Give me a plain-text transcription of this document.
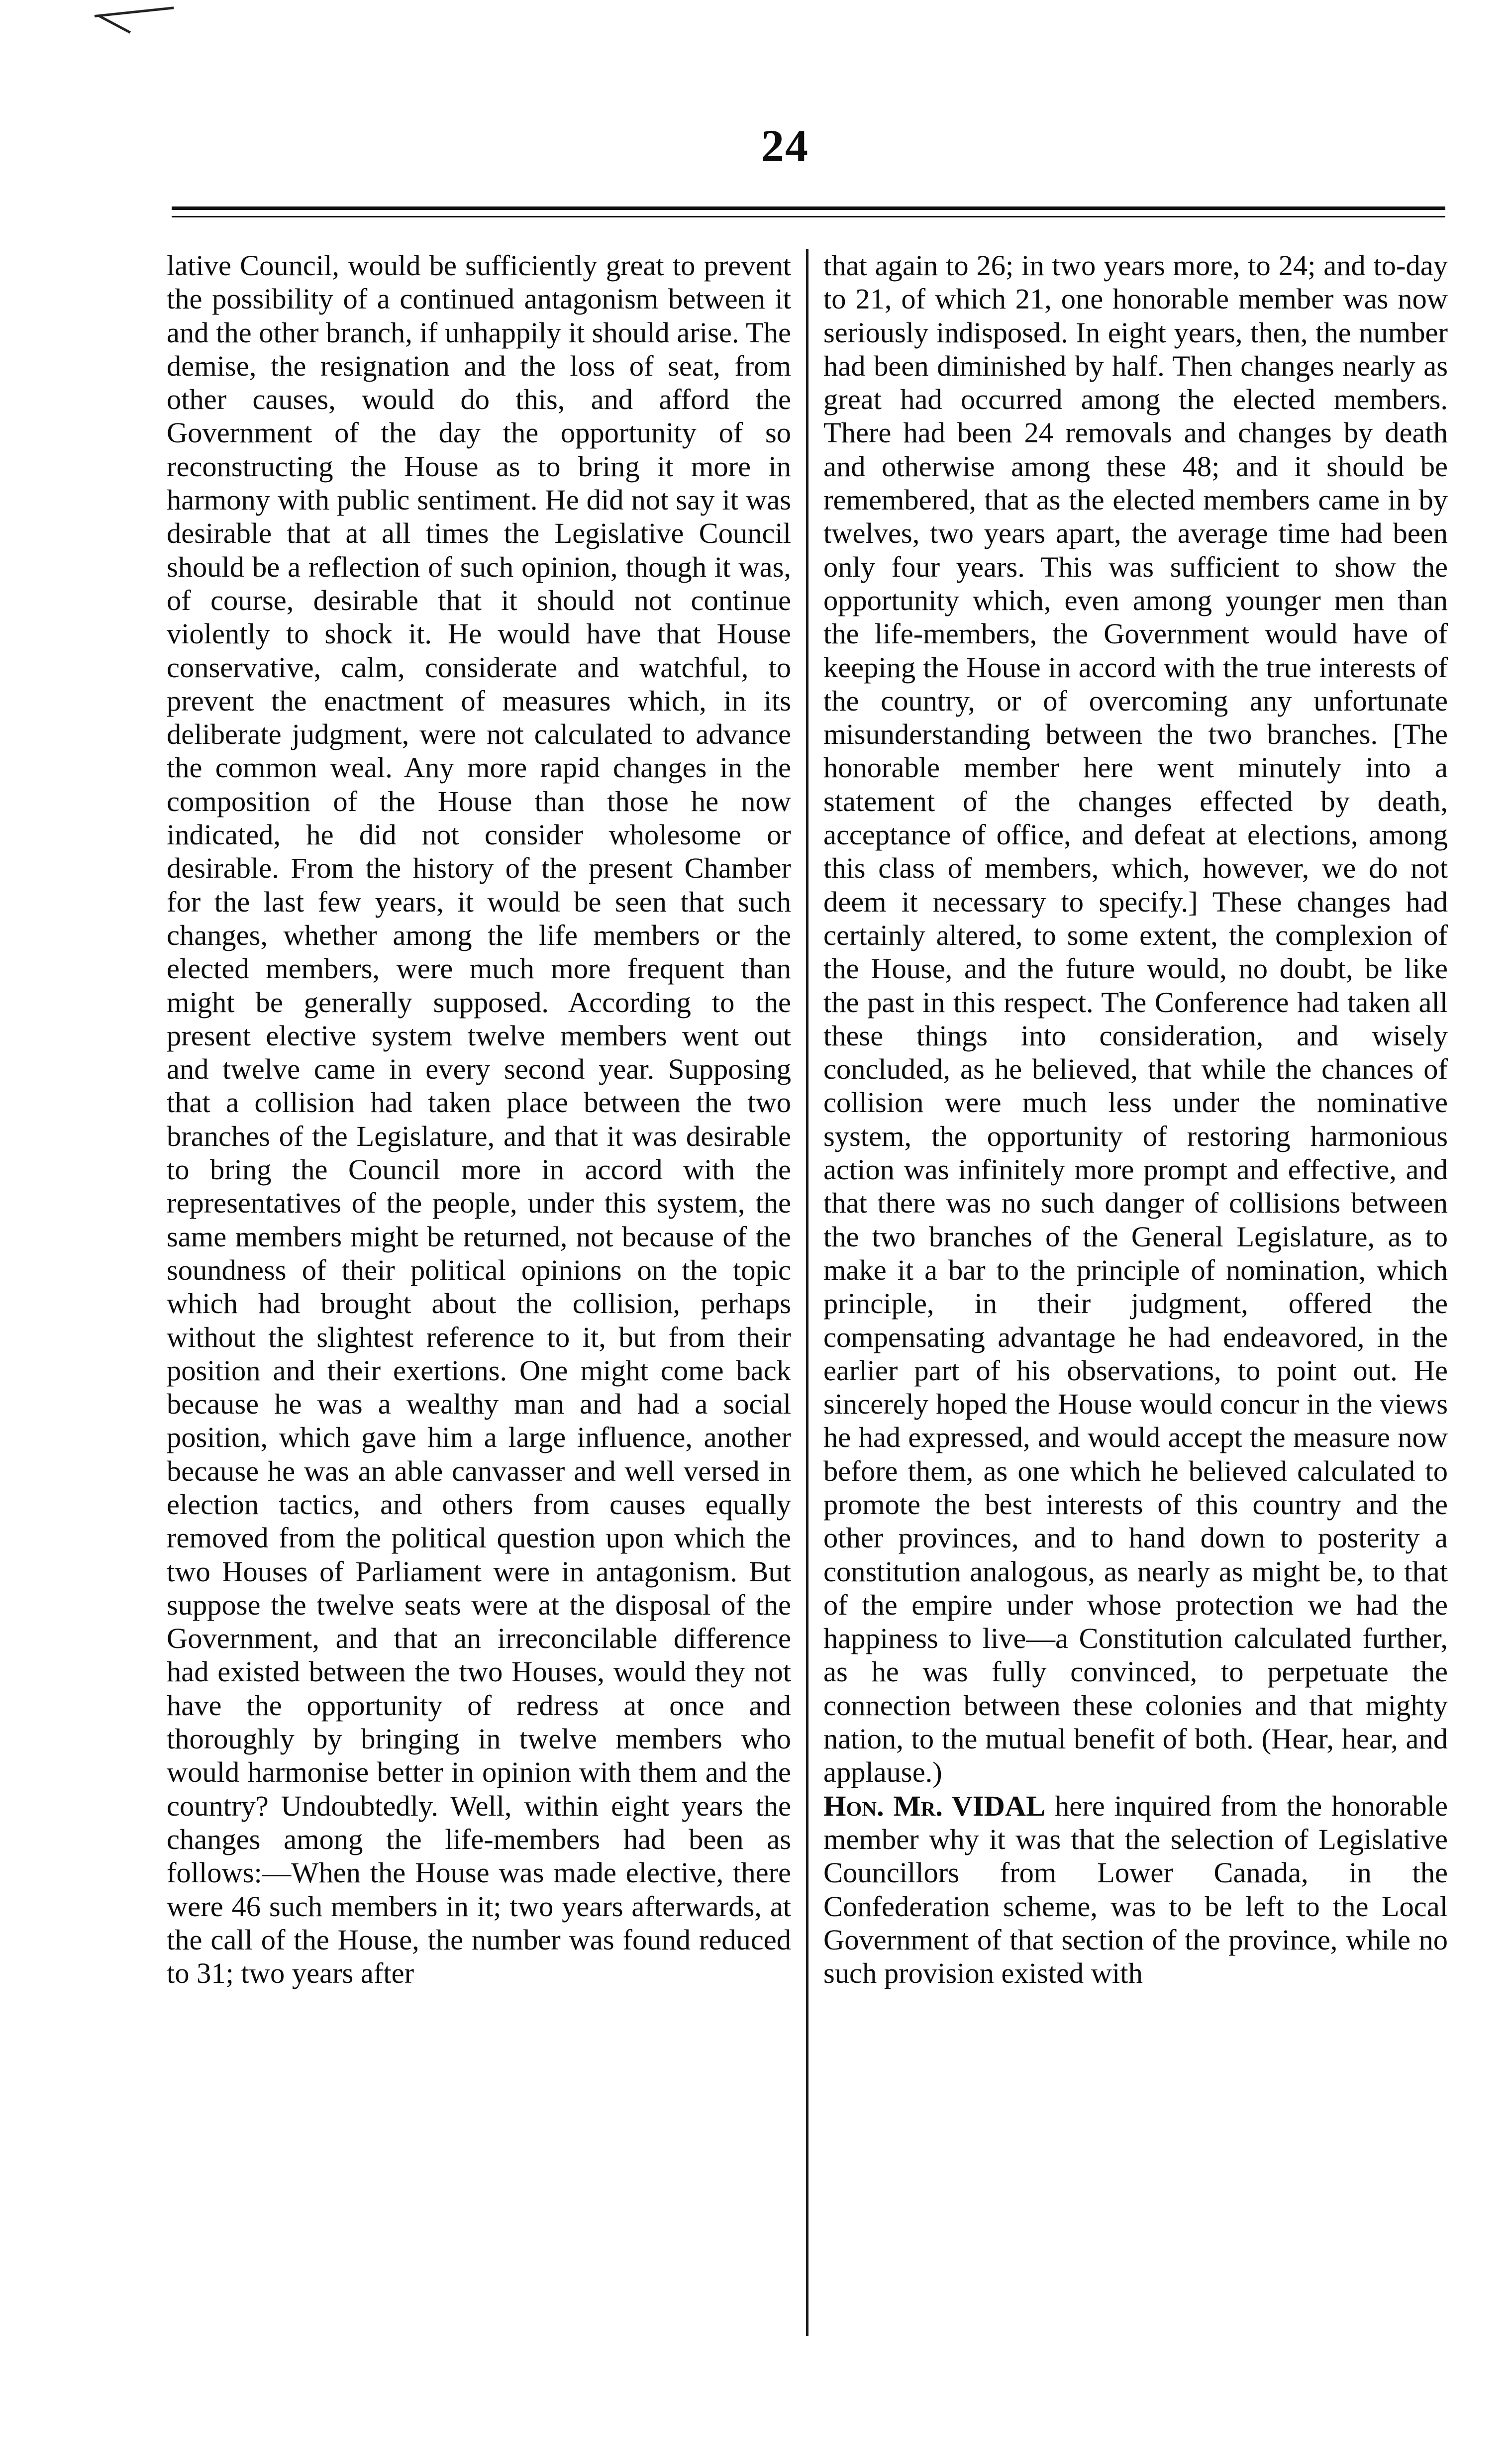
24

lative Council, would be sufficiently great to prevent the possibility of a continued antagonism between it and the other branch, if unhappily it should arise. The demise, the resignation and the loss of seat, from other causes, would do this, and afford the Government of the day the opportunity of so reconstructing the House as to bring it more in harmony with public sentiment. He did not say it was desirable that at all times the Legislative Council should be a reflection of such opinion, though it was, of course, desirable that it should not continue violently to shock it. He would have that House conservative, calm, considerate and watchful, to prevent the enactment of measures which, in its deliberate judgment, were not calculated to advance the common weal. Any more rapid changes in the composition of the House than those he now indicated, he did not consider wholesome or desirable. From the history of the present Chamber for the last few years, it would be seen that such changes, whether among the life members or the elected members, were much more frequent than might be generally supposed. According to the present elective system twelve members went out and twelve came in every second year. Supposing that a collision had taken place between the two branches of the Legislature, and that it was desirable to bring the Council more in accord with the representatives of the people, under this system, the same members might be returned, not because of the soundness of their political opinions on the topic which had brought about the collision, perhaps without the slightest reference to it, but from their position and their exertions. One might come back because he was a wealthy man and had a social position, which gave him a large influence, another because he was an able canvasser and well versed in election tactics, and others from causes equally removed from the political question upon which the two Houses of Parliament were in antagonism. But suppose the twelve seats were at the disposal of the Government, and that an irreconcilable difference had existed between the two Houses, would they not have the opportunity of redress at once and thoroughly by bringing in twelve members who would harmonise better in opinion with them and the country? Undoubtedly. Well, within eight years the changes among the life-members had been as follows:—When the House was made elective, there were 46 such members in it; two years afterwards, at the call of the House, the number was found reduced to 31; two years after

that again to 26; in two years more, to 24; and to-day to 21, of which 21, one honorable member was now seriously indisposed. In eight years, then, the number had been diminished by half. Then changes nearly as great had occurred among the elected members. There had been 24 removals and changes by death and otherwise among these 48; and it should be remembered, that as the elected members came in by twelves, two years apart, the average time had been only four years. This was sufficient to show the opportunity which, even among younger men than the life-members, the Government would have of keeping the House in accord with the true interests of the country, or of overcoming any unfortunate misunderstanding between the two branches. [The honorable member here went minutely into a statement of the changes effected by death, acceptance of office, and defeat at elections, among this class of members, which, however, we do not deem it necessary to specify.] These changes had certainly altered, to some extent, the complexion of the House, and the future would, no doubt, be like the past in this respect. The Conference had taken all these things into consideration, and wisely concluded, as he believed, that while the chances of collision were much less under the nominative system, the opportunity of restoring harmonious action was infinitely more prompt and effective, and that there was no such danger of collisions between the two branches of the General Legislature, as to make it a bar to the principle of nomination, which principle, in their judgment, offered the compensating advantage he had endeavored, in the earlier part of his observations, to point out. He sincerely hoped the House would concur in the views he had expressed, and would accept the measure now before them, as one which he believed calculated to promote the best interests of this country and the other provinces, and to hand down to posterity a constitution analogous, as nearly as might be, to that of the empire under whose protection we had the happiness to live—a Constitution calculated further, as he was fully convinced, to perpetuate the connection between these colonies and that mighty nation, to the mutual benefit of both. (Hear, hear, and applause.)

Hon. Mr. VIDAL here inquired from the honorable member why it was that the selection of Legislative Councillors from Lower Canada, in the Confederation scheme, was to be left to the Local Government of that section of the province, while no such provision existed with
